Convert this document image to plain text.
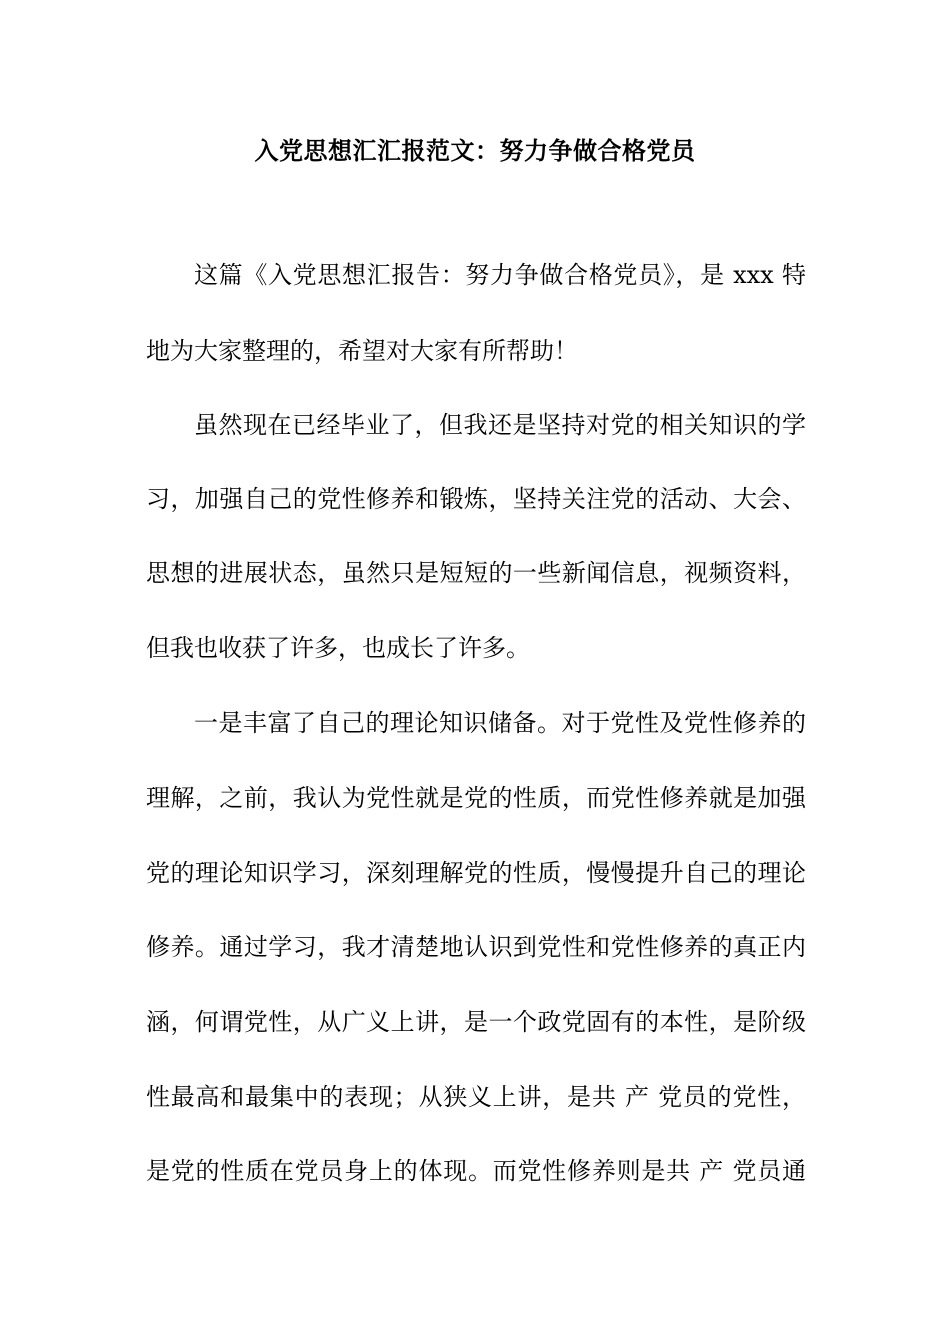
入党思想汇汇报范文：努力争做合格党员
这篇《入党思想汇报告：努力争做合格党员》，是 xxx 特
地为大家整理的，希望对大家有所帮助！
虽然现在已经毕业了，但我还是坚持对党的相关知识的学
习，加强自己的党性修养和锻炼，坚持关注党的活动、大会、
思想的进展状态，虽然只是短短的一些新闻信息，视频资料，
但我也收获了许多，也成长了许多。
一是丰富了自己的理论知识储备。对于党性及党性修养的
理解，之前，我认为党性就是党的性质，而党性修养就是加强
党的理论知识学习，深刻理解党的性质，慢慢提升自己的理论
修养。通过学习，我才清楚地认识到党性和党性修养的真正内
涵，何谓党性，从广义上讲，是一个政党固有的本性，是阶级
性最高和最集中的表现；从狭义上讲，是共 产 党员的党性，
是党的性质在党员身上的体现。而党性修养则是共 产 党员通
